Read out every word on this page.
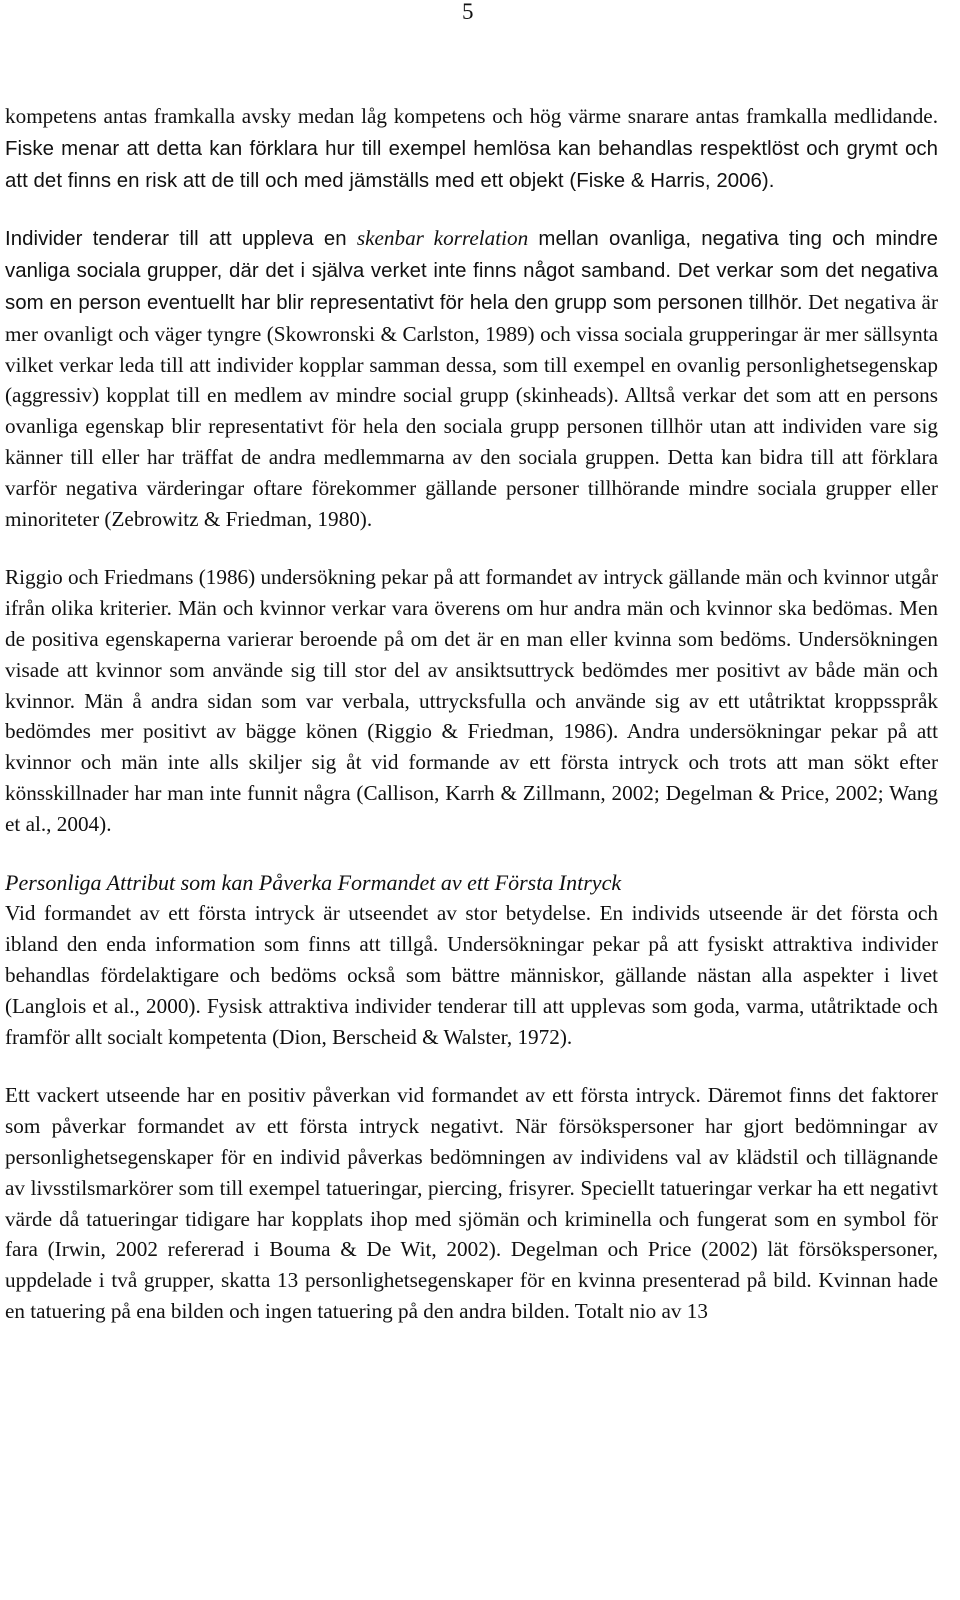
5

kompetens antas framkalla avsky medan låg kompetens och hög värme snarare antas framkalla medlidande. Fiske menar att detta kan förklara hur till exempel hemlösa kan behandlas respektlöst och grymt och att det finns en risk att de till och med jämställs med ett objekt (Fiske & Harris, 2006).

Individer tenderar till att uppleva en skenbar korrelation mellan ovanliga, negativa ting och mindre vanliga sociala grupper, där det i själva verket inte finns något samband. Det verkar som det negativa som en person eventuellt har blir representativt för hela den grupp som personen tillhör. Det negativa är mer ovanligt och väger tyngre (Skowronski & Carlston, 1989) och vissa sociala grupperingar är mer sällsynta vilket verkar leda till att individer kopplar samman dessa, som till exempel en ovanlig personlighetsegenskap (aggressiv) kopplat till en medlem av mindre social grupp (skinheads). Alltså verkar det som att en persons ovanliga egenskap blir representativt för hela den sociala grupp personen tillhör utan att individen vare sig känner till eller har träffat de andra medlemmarna av den sociala gruppen. Detta kan bidra till att förklara varför negativa värderingar oftare förekommer gällande personer tillhörande mindre sociala grupper eller minoriteter (Zebrowitz & Friedman, 1980).

Riggio och Friedmans (1986) undersökning pekar på att formandet av intryck gällande män och kvinnor utgår ifrån olika kriterier. Män och kvinnor verkar vara överens om hur andra män och kvinnor ska bedömas. Men de positiva egenskaperna varierar beroende på om det är en man eller kvinna som bedöms. Undersökningen visade att kvinnor som använde sig till stor del av ansiktsuttryck bedömdes mer positivt av både män och kvinnor. Män å andra sidan som var verbala, uttrycksfulla och använde sig av ett utåtriktat kroppsspråk bedömdes mer positivt av bägge könen (Riggio & Friedman, 1986). Andra undersökningar pekar på att kvinnor och män inte alls skiljer sig åt vid formande av ett första intryck och trots att man sökt efter könsskillnader har man inte funnit några (Callison, Karrh & Zillmann, 2002; Degelman & Price, 2002; Wang et al., 2004).

Personliga Attribut som kan Påverka Formandet av ett Första Intryck

Vid formandet av ett första intryck är utseendet av stor betydelse. En individs utseende är det första och ibland den enda information som finns att tillgå. Undersökningar pekar på att fysiskt attraktiva individer behandlas fördelaktigare och bedöms också som bättre människor, gällande nästan alla aspekter i livet (Langlois et al., 2000). Fysisk attraktiva individer tenderar till att upplevas som goda, varma, utåtriktade och framför allt socialt kompetenta (Dion, Berscheid & Walster, 1972).

Ett vackert utseende har en positiv påverkan vid formandet av ett första intryck. Däremot finns det faktorer som påverkar formandet av ett första intryck negativt. När försökspersoner har gjort bedömningar av personlighetsegenskaper för en individ påverkas bedömningen av individens val av klädstil och tillägnande av livsstilsmarkörer som till exempel tatueringar, piercing, frisyrer. Speciellt tatueringar verkar ha ett negativt värde då tatueringar tidigare har kopplats ihop med sjömän och kriminella och fungerat som en symbol för fara (Irwin, 2002 refererad i Bouma & De Wit, 2002). Degelman och Price (2002) lät försökspersoner, uppdelade i två grupper, skatta 13 personlighetsegenskaper för en kvinna presenterad på bild. Kvinnan hade en tatuering på ena bilden och ingen tatuering på den andra bilden. Totalt nio av 13
